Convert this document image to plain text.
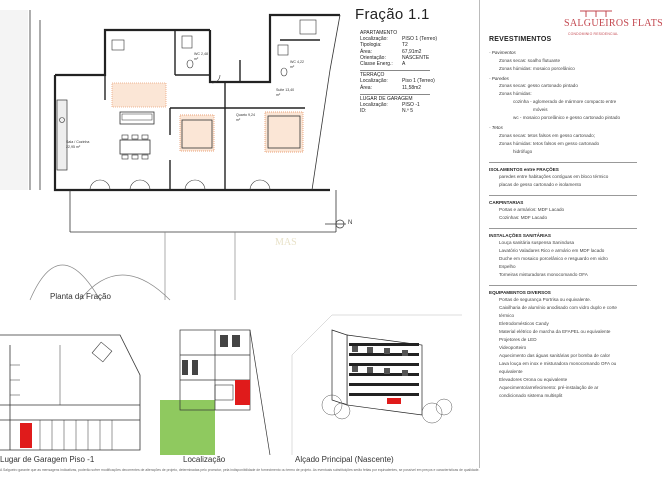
MAS
Sala / Cozinha 22,95 m²
Quarto 9,24 m²
Suite 13,40 m²
WC 2,48 m²
WC 4,22 m²
N
Planta da Fração
Fração 1.1
APARTAMENTO
Localização:	PISO 1 (Terreo)
Tipologia:	T2
Área:	67,91m2
Orientação:	NASCENTE
Classe Energ.: A
TERRAÇO
Localização:	Piso 1 (Terreo)
Área:	11,58m2
LUGAR DE GARAGEM
Localização:	PISO -1
ID:	N.º 5
Lugar de Garagem Piso -1	Localização	Alçado Principal (Nascente)
A Salgueiro garante que as mensagens indicativas, poderão sofrer modificações decorrentes de alterações de projeto, determinadas pelo promotor, pela indisponibilidade de fornecimento ou termo de projeto. As eventuais substituições serão feitas por equivalentes, se possível em preços e características de qualidade.
SALGUEIROS FLATS
CONDOMINIO RESIDENCIAL
REVESTIMENTOS
- Pavimentos
Zonas secas: soalho flutuante
Zonas húmidas: mosaico porcelânico
- Paredes
Zonas secas: gesso cartonado pintado
Zonas húmidas:
cozinha - aglomerado de mármore compacto entre
móveis
wc - mosaico porcelânico e gesso cartonado pintado
- Tetos
Zonas secas: tetos falsos em gesso cartonado;
Zonas húmidas: tetos falsos em gesso cartonado
hidrófugo
ISOLAMENTOS entre FRAÇÕES
paredes entre habitações contíguas em bloco térmico
placas de gesso cartonado e isolamento
CARPINTARIAS
Portas e armários: MDF Lacado
Cozinhas: MDF Lacado
INSTALAÇÕES SANITÁRIAS
Louça sanitária suspensa Sanindusa
Lavatório Valadares Rico e armário em MDF lacado
Duche em mosaico porcelânico e resguardo em vidro
Espelho
Torneiras misturadoras monocomando OFA
EQUIPAMENTOS DIVERSOS
Portas de segurança Portrisa ou equivalente.
Caixilharia de alumínio anodisado com vidro duplo e corte
térmico
Eletrodomésticos Candy
Material elétrico de marcha da EFAPEL ou equivalente
Projetores de LED
Videoporteiro
Aquecimento das águas sanitárias por bomba de calor
Lava louça em inox e misturadora monocomando OFA ou
equivalente
Elevadores Orona ou equivalente
Aquecimento/arrefecimento: pré-instalação de ar
condicionado sistema multisplit
